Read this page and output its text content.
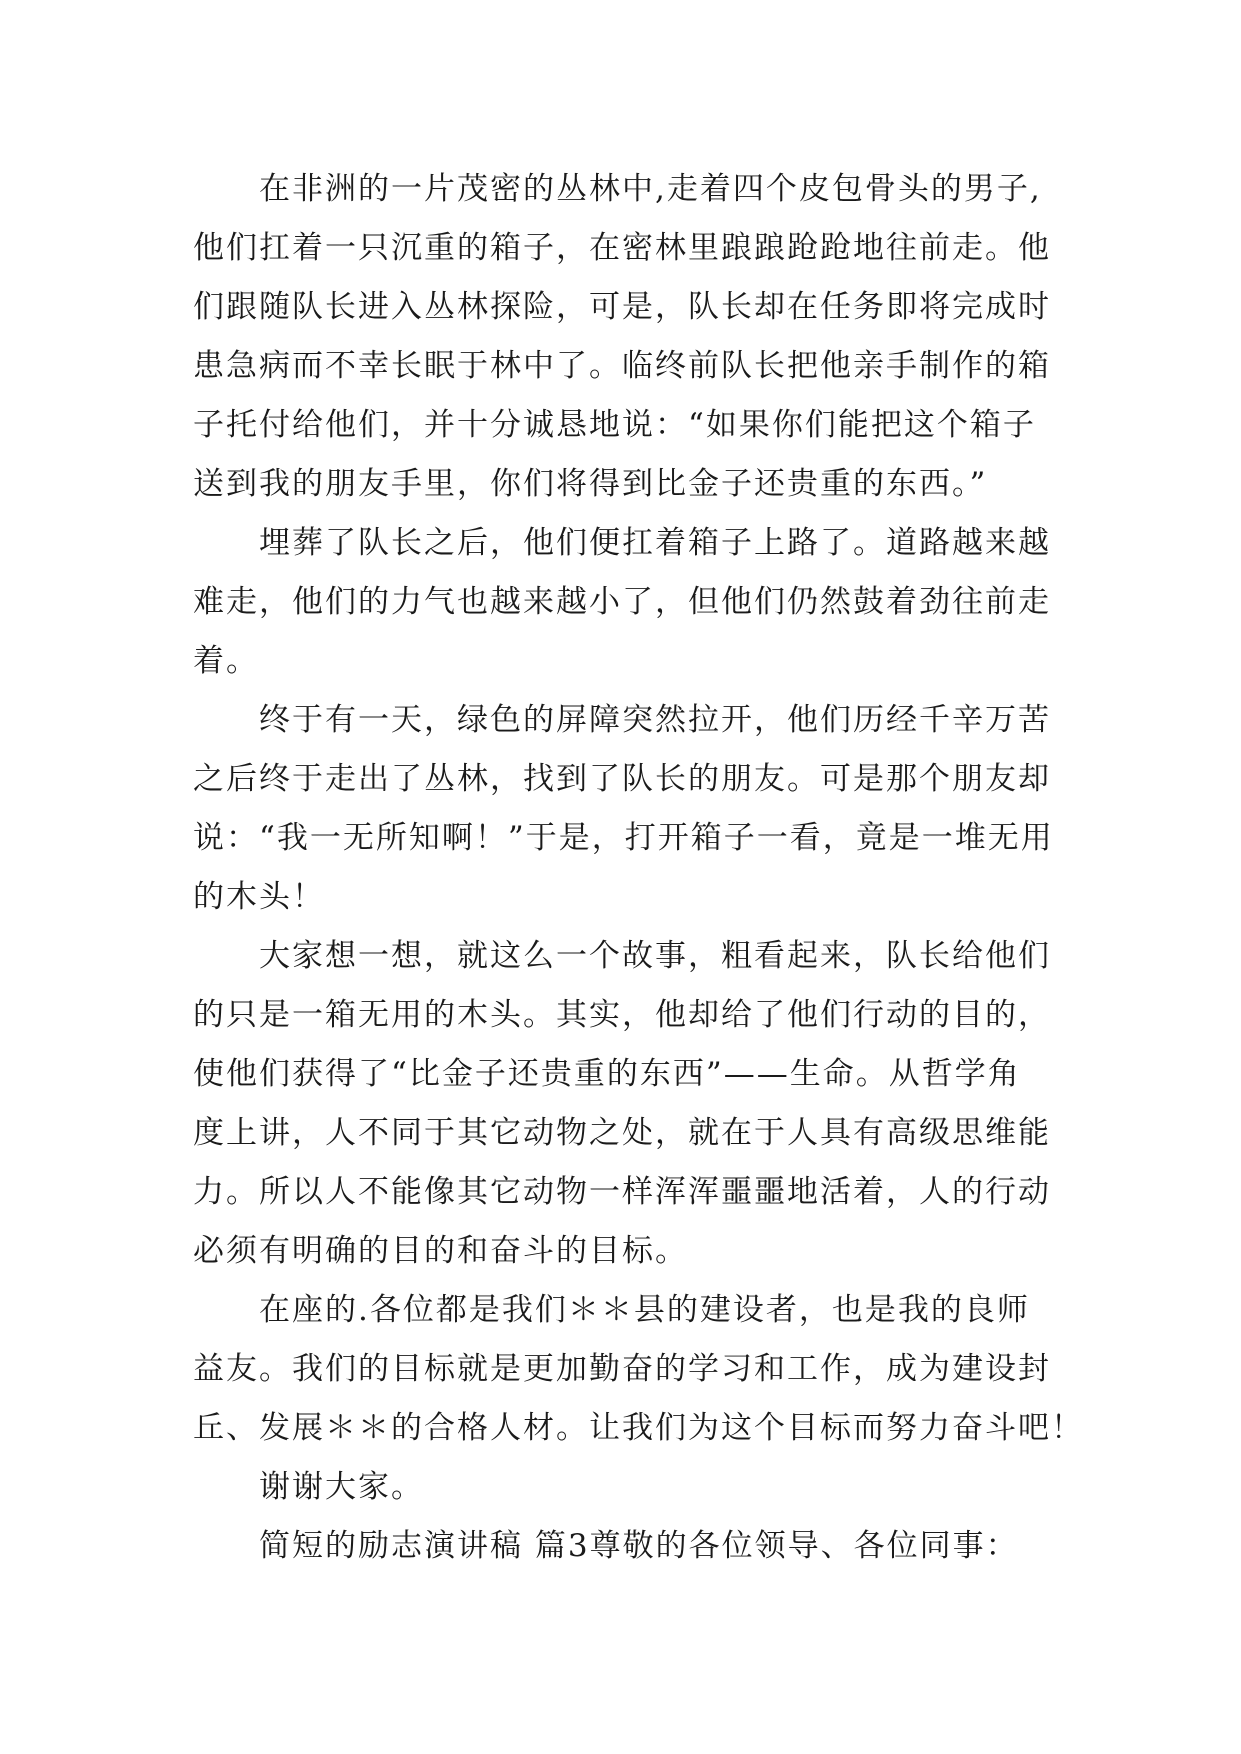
在非洲的一片茂密的丛林中,走着四个皮包骨头的男子,
他们扛着一只沉重的箱子，在密林里踉踉跄跄地往前走。他
们跟随队长进入丛林探险，可是，队长却在任务即将完成时
患急病而不幸长眠于林中了。临终前队长把他亲手制作的箱
子托付给他们，并十分诚恳地说：“如果你们能把这个箱子
送到我的朋友手里，你们将得到比金子还贵重的东西。”
埋葬了队长之后，他们便扛着箱子上路了。道路越来越
难走，他们的力气也越来越小了，但他们仍然鼓着劲往前走
着。
终于有一天，绿色的屏障突然拉开，他们历经千辛万苦
之后终于走出了丛林，找到了队长的朋友。可是那个朋友却
说：“我一无所知啊！”于是，打开箱子一看，竟是一堆无用
的木头！
大家想一想，就这么一个故事，粗看起来，队长给他们
的只是一箱无用的木头。其实，他却给了他们行动的目的，
使他们获得了“比金子还贵重的东西”——生命。从哲学角
度上讲，人不同于其它动物之处，就在于人具有高级思维能
力。所以人不能像其它动物一样浑浑噩噩地活着，人的行动
必须有明确的目的和奋斗的目标。
在座的.各位都是我们＊＊县的建设者，也是我的良师
益友。我们的目标就是更加勤奋的学习和工作，成为建设封
丘、发展＊＊的合格人材。让我们为这个目标而努力奋斗吧！
谢谢大家。
简短的励志演讲稿 篇3尊敬的各位领导、各位同事：
